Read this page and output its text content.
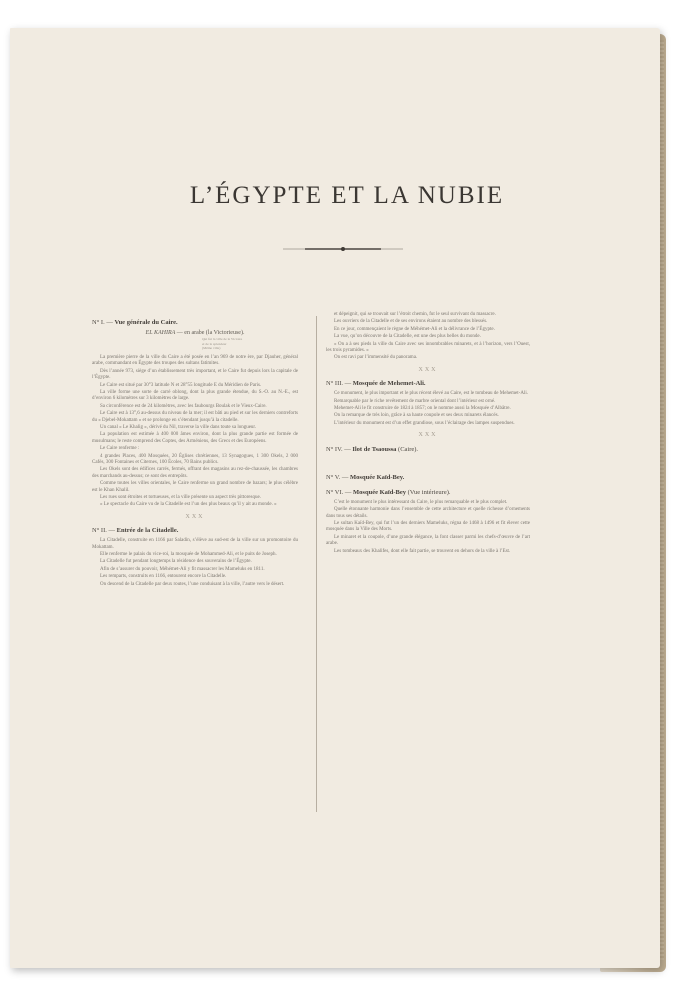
L’ÉGYPTE ET LA NUBIE
N° I. — Vue générale du Caire.
EL KAHIRA — en arabe (la Victorieuse).
Qui fut la ville de la Victoire
et de la splendeur
(Même ville)

La première pierre de la ville du Caire a été posée en l’an 969 de notre ère, par Djauher, général arabe, commandant en Égypte des troupes des sultans fatimites.

Dès l’année 973, siège d’un établissement très important, et le Caire fut depuis lors la capitale de l’Égypte.

Le Caire est situé par 30°3 latitude N et 28°55 longitude E du Méridien de Paris.

La ville forme une sorte de carré oblong, dont la plus grande étendue, du S.-O. au N.-E., est d’environ 6 kilomètres sur 3 kilomètres de large.

Sa circonférence est de 24 kilomètres, avec les faubourgs Boulak et le Vieux-Caire.

Le Caire est à 13°,6 au-dessus du niveau de la mer; il est bâti au pied et sur les derniers contreforts du « Djebel-Mokattam » et se prolonge en s’étendant jusqu’à la citadelle.

Un canal « Le Khalig », dérivé du Nil, traverse la ville dans toute sa longueur.

La population est estimée à 400 000 âmes environ, dont la plus grande partie est formée de musulmans; le reste comprend des Coptes, des Arméniens, des Grecs et des Européens.

Le Caire renferme :

4 grandes Places, 400 Mosquées, 20 Églises chrétiennes, 13 Synagogues, 1 300 Okels, 2 000 Cafés, 300 Fontaines et Citernes, 100 Écoles, 70 Bains publics.

Les Okels sont des édifices carrés, fermés, offrant des magasins au rez-de-chaussée, les chambres des marchands au-dessus; ce sont des entrepôts.

Comme toutes les villes orientales, le Caire renferme un grand nombre de bazars; le plus célèbre est le Khan Khalil.

Les rues sont étroites et tortueuses, et la ville présente un aspect très pittoresque.

« Le spectacle du Caire vu de la Citadelle est l’un des plus beaux qu’il y ait au monde. »

XXX
N° II. — Entrée de la Citadelle.

La Citadelle, construite en 1166 par Saladin, s’élève au sud-est de la ville sur un promontoire du Mokattam.

Elle renferme le palais du vice-roi, la mosquée de Mohammed-Ali, et le puits de Joseph.

La Citadelle fut pendant longtemps la résidence des souverains de l’Égypte.

Afin de s’assurer du pouvoir, Méhémet-Ali y fit massacrer les Mameluks en 1811.

Les remparts, construits en 1166, entourent encore la Citadelle.

On descend de la Citadelle par deux routes, l’une conduisant à la ville, l’autre vers le désert.

et dépeignit, qui se trouvait sur l’étroit chemin, fut le seul survivant du massacre.

Les ouvriers de la Citadelle et de ses environs étaient au nombre des blessés.

En ce jour, commençaient le règne de Méhémet-Ali et la délivrance de l’Égypte.

La vue, qu’on découvre de la Citadelle, est une des plus belles du monde.

« On a à ses pieds la ville du Caire avec ses innombrables minarets, et à l’horizon, vers l’Ouest, les trois pyramides. »

On est ravi par l’immensité du panorama.

XXX
N° III. — Mosquée de Mehemet-Ali.

Ce monument, le plus important et le plus récent élevé au Caire, est le tombeau de Mehemet-Ali.

Remarquable par le riche revêtement de marbre oriental dont l’intérieur est orné.

Mehemet-Ali le fit construire de 1824 à 1857; on le nomme aussi la Mosquée d’Albâtre.

On la remarque de très loin, grâce à sa haute coupole et ses deux minarets élancés.

L’intérieur du monument est d’un effet grandiose, sous l’éclairage des lampes suspendues.

XXX
N° IV. — Ilot de Tsaoussa (Caire).
N° V. — Mosquée Kaïd-Bey.
N° VI. — Mosquée Kaïd-Bey (Vue intérieure).

C’est le monument le plus intéressant du Caire, le plus remarquable et le plus complet.

Quelle étonnante harmonie dans l’ensemble de cette architecture et quelle richesse d’ornements dans tous ses détails.

Le sultan Kaïd-Bey, qui fut l’un des derniers Mameluks, régna de 1468 à 1496 et fit élever cette mosquée dans la Ville des Morts.

Le minaret et la coupole, d’une grande élégance, la font classer parmi les chefs-d’œuvre de l’art arabe.

Les tombeaux des Khalifes, dont elle fait partie, se trouvent en dehors de la ville à l’Est.
